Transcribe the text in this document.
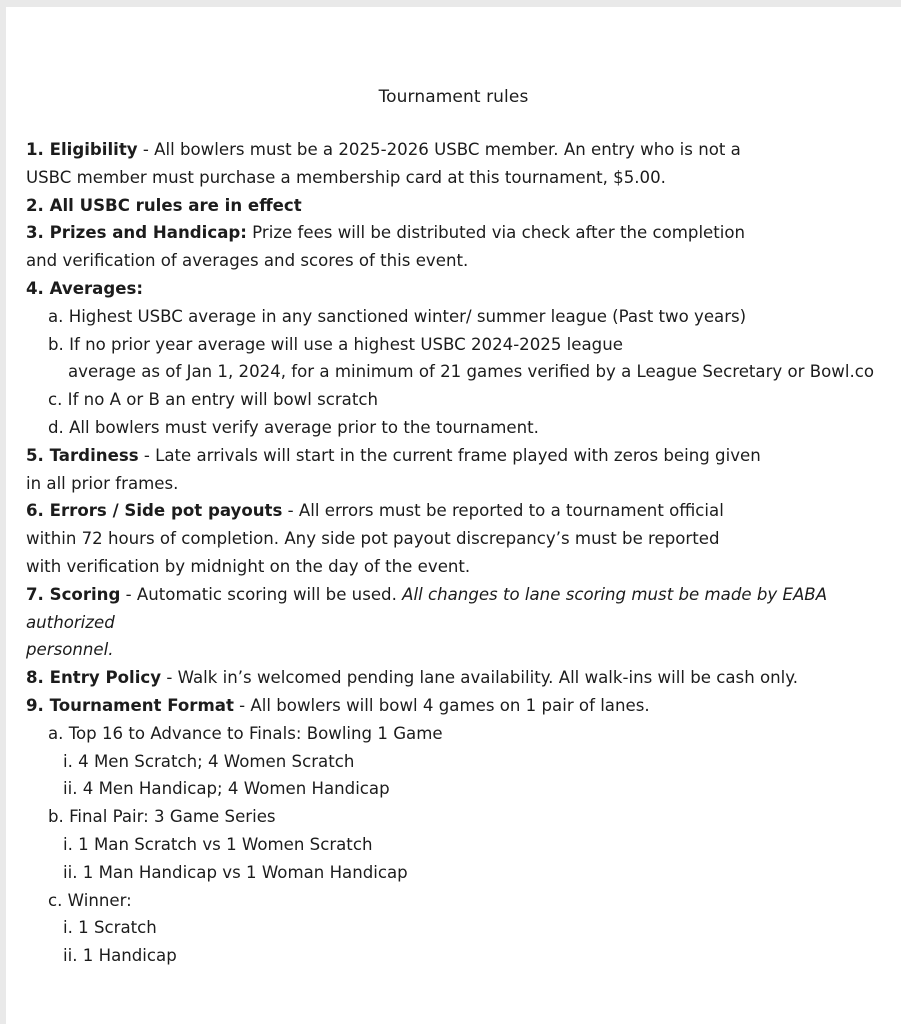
Tournament rules
1. Eligibility - All bowlers must be a 2025-2026 USBC member. An entry who is not a
USBC member must purchase a membership card at this tournament, $5.00.
2. All USBC rules are in effect
3. Prizes and Handicap: Prize fees will be distributed via check after the completion
and verification of averages and scores of this event.
4. Averages:
a. Highest USBC average in any sanctioned winter/ summer league (Past two years)
b. If no prior year average will use a highest USBC 2024-2025 league
average as of Jan 1, 2024, for a minimum of 21 games verified by a League Secretary or Bowl.co
c. If no A or B an entry will bowl scratch
d. All bowlers must verify average prior to the tournament.
5. Tardiness - Late arrivals will start in the current frame played with zeros being given
in all prior frames.
6. Errors / Side pot payouts - All errors must be reported to a tournament official
within 72 hours of completion. Any side pot payout discrepancy’s must be reported
with verification by midnight on the day of the event.
7. Scoring - Automatic scoring will be used. All changes to lane scoring must be made by EABA
authorized
personnel.
8. Entry Policy - Walk in’s welcomed pending lane availability. All walk-ins will be cash only.
9. Tournament Format - All bowlers will bowl 4 games on 1 pair of lanes.
a. Top 16 to Advance to Finals: Bowling 1 Game
i. 4 Men Scratch; 4 Women Scratch
ii. 4 Men Handicap; 4 Women Handicap
b. Final Pair: 3 Game Series
i. 1 Man Scratch vs 1 Women Scratch
ii. 1 Man Handicap vs 1 Woman Handicap
c. Winner:
i. 1 Scratch
ii. 1 Handicap
